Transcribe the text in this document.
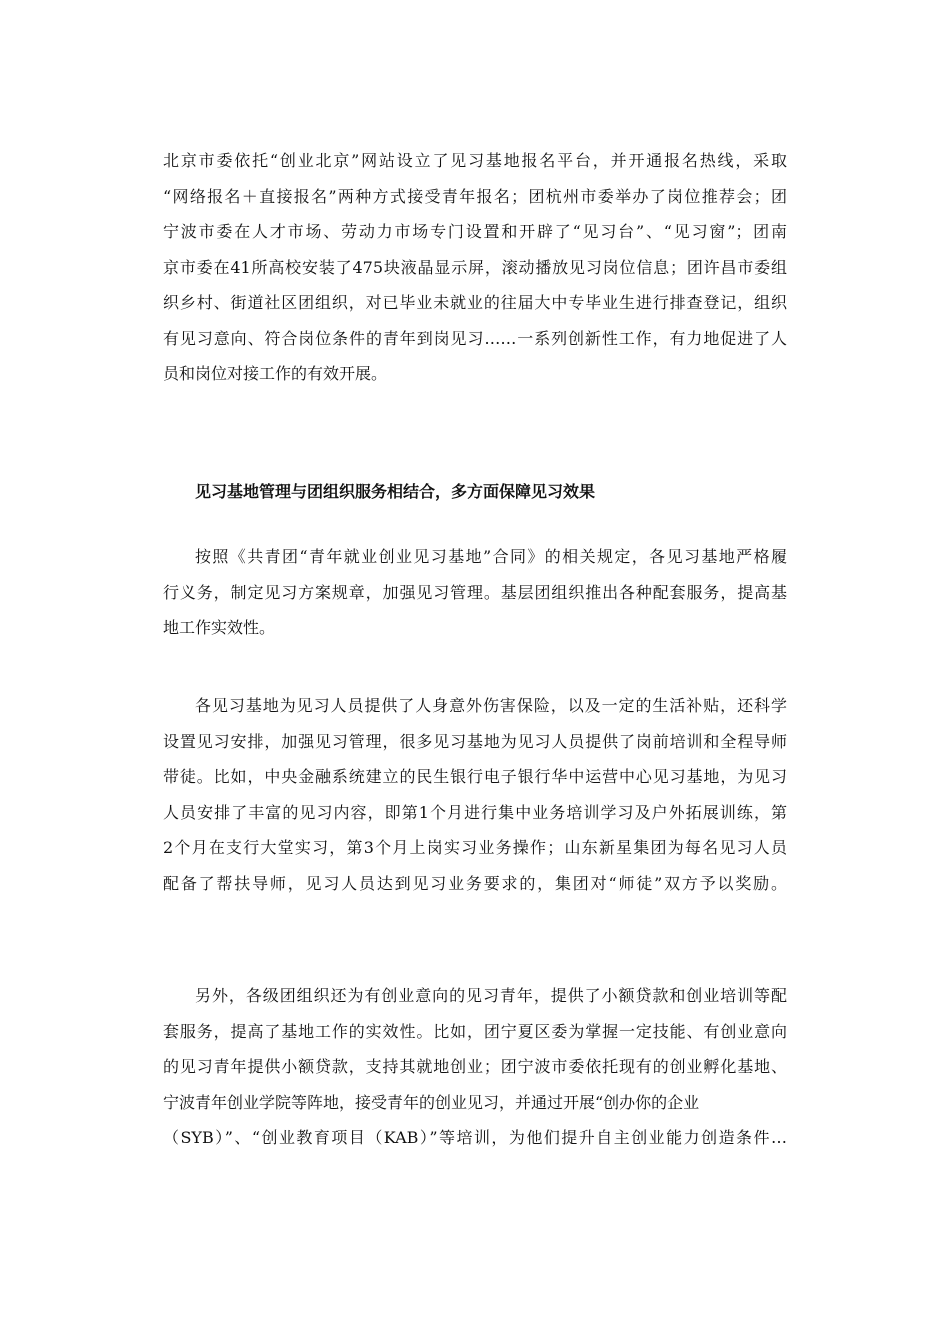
北京市委依托“创业北京”网站设立了见习基地报名平台，并开通报名热线，采取
“网络报名＋直接报名”两种方式接受青年报名；团杭州市委举办了岗位推荐会；团
宁波市委在人才市场、劳动力市场专门设置和开辟了“见习台”、“见习窗”；团南
京市委在41所高校安装了475块液晶显示屏，滚动播放见习岗位信息；团许昌市委组
织乡村、街道社区团组织，对已毕业未就业的往届大中专毕业生进行排查登记，组织
有见习意向、符合岗位条件的青年到岗见习……一系列创新性工作，有力地促进了人
员和岗位对接工作的有效开展。
见习基地管理与团组织服务相结合，多方面保障见习效果
按照《共青团“青年就业创业见习基地”合同》的相关规定，各见习基地严格履
行义务，制定见习方案规章，加强见习管理。基层团组织推出各种配套服务，提高基
地工作实效性。
各见习基地为见习人员提供了人身意外伤害保险，以及一定的生活补贴，还科学
设置见习安排，加强见习管理，很多见习基地为见习人员提供了岗前培训和全程导师
带徒。比如，中央金融系统建立的民生银行电子银行华中运营中心见习基地，为见习
人员安排了丰富的见习内容，即第1个月进行集中业务培训学习及户外拓展训练，第
2个月在支行大堂实习，第3个月上岗实习业务操作；山东新星集团为每名见习人员
配备了帮扶导师，见习人员达到见习业务要求的，集团对“师徒”双方予以奖励。
另外，各级团组织还为有创业意向的见习青年，提供了小额贷款和创业培训等配
套服务，提高了基地工作的实效性。比如，团宁夏区委为掌握一定技能、有创业意向
的见习青年提供小额贷款，支持其就地创业；团宁波市委依托现有的创业孵化基地、
宁波青年创业学院等阵地，接受青年的创业见习，并通过开展“创办你的企业
（SYB）”、“创业教育项目（KAB）”等培训，为他们提升自主创业能力创造条件…
